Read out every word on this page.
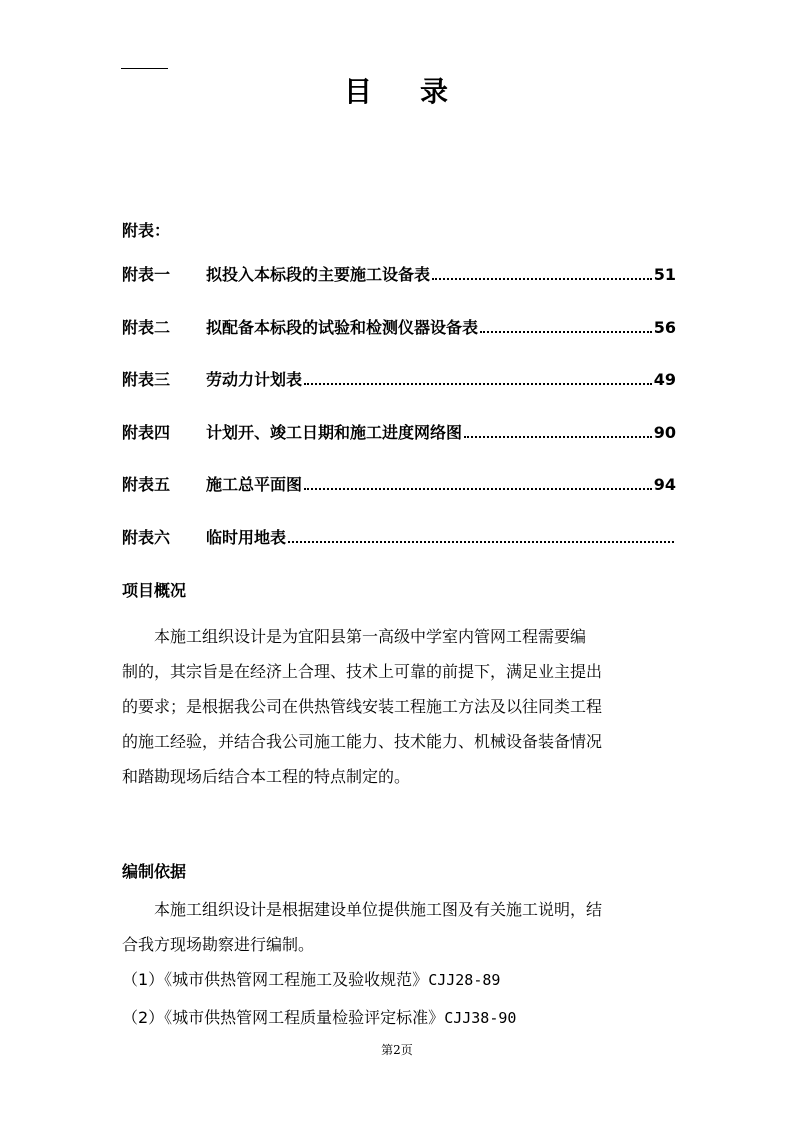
目 录
附表：
附表一	拟投入本标段的主要施工设备表	51
附表二	拟配备本标段的试验和检测仪器设备表	56
附表三	劳动力计划表	49
附表四	计划开、竣工日期和施工进度网络图	90
附表五	施工总平面图	94
附表六	临时用地表
项目概况
本施工组织设计是为宜阳县第一高级中学室内管网工程需要编
制的，其宗旨是在经济上合理、技术上可靠的前提下，满足业主提出
的要求；是根据我公司在供热管线安装工程施工方法及以往同类工程
的施工经验，并结合我公司施工能力、技术能力、机械设备装备情况
和踏勘现场后结合本工程的特点制定的。
编制依据
本施工组织设计是根据建设单位提供施工图及有关施工说明，结
合我方现场勘察进行编制。
（1）《城市供热管网工程施工及验收规范》CJJ28-89
（2）《城市供热管网工程质量检验评定标准》CJJ38-90
第2页
